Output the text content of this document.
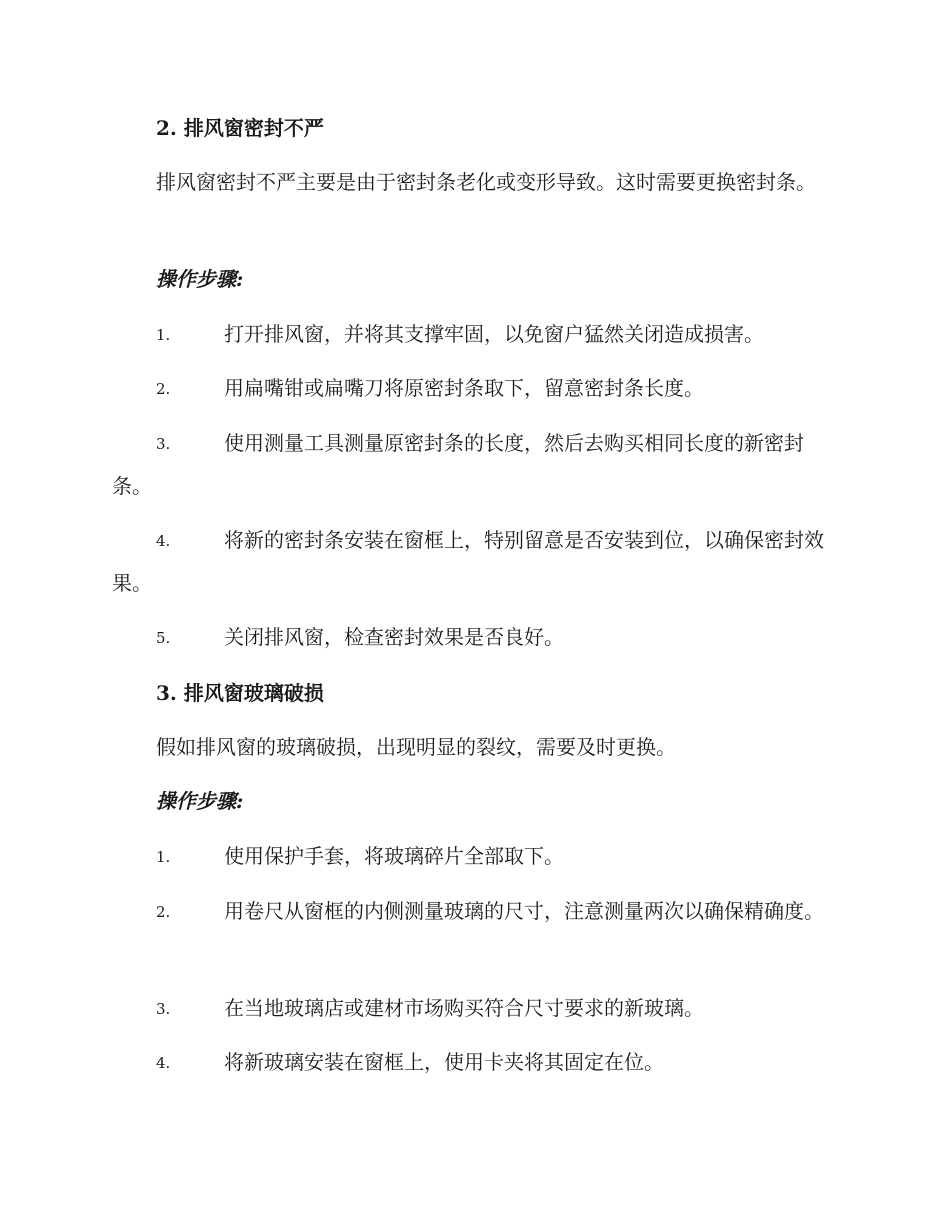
2. 排风窗密封不严
排风窗密封不严主要是由于密封条老化或变形导致。这时需要更换密封条。
操作步骤:
1.	打开排风窗，并将其支撑牢固，以免窗户猛然关闭造成损害。
2.	用扁嘴钳或扁嘴刀将原密封条取下，留意密封条长度。
3.	使用测量工具测量原密封条的长度，然后去购买相同长度的新密封条。
4.	将新的密封条安装在窗框上，特别留意是否安装到位，以确保密封效果。
5.	关闭排风窗，检查密封效果是否良好。
3. 排风窗玻璃破损
假如排风窗的玻璃破损，出现明显的裂纹，需要及时更换。
操作步骤:
1.	使用保护手套，将玻璃碎片全部取下。
2.	用卷尺从窗框的内侧测量玻璃的尺寸，注意测量两次以确保精确度。
3.	在当地玻璃店或建材市场购买符合尺寸要求的新玻璃。
4.	将新玻璃安装在窗框上，使用卡夹将其固定在位。
